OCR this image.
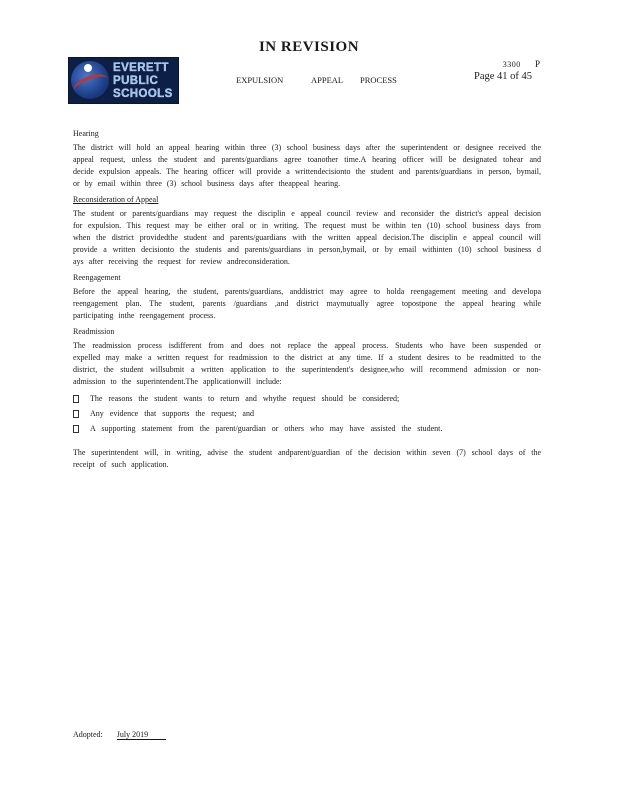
IN REVISION
EVERETT
PUBLIC
SCHOOLS
3300 P
Page 41 of 45
EXPULSION	APPEAL PROCESS
Hearing

The district will hold an appeal hearing within three (3) school business days after the superintendent or designee received the appeal request, unless the student and parents/guardians agree toanother time.A hearing officer will be designated tohear and decide expulsion appeals. The hearing officer will provide a writtendecisionto the student and parents/guardians in person, bymail, or by email within three (3) school business days after theappeal hearing.

Reconsideration of Appeal

The student or parents/guardians may request the disciplin e appeal council review and reconsider the district's appeal decision for expulsion. This request may be either oral or in writing. The request must be within ten (10) school business days from when the district providedthe student and parents/guardians with the written appeal decision.The disciplin e appeal council will provide a written decisionto the students and parents/guardians in person,bymail, or by email withinten (10) school business d ays after receiving the request for review andreconsideration.

Reengagement

Before the appeal hearing, the student, parents/guardians, anddistrict may agree to holda reengagement meeting and developa reengagement plan. The student, parents /guardians ,and district maymutually agree topostpone the appeal hearing while participating inthe reengagement process.

Readmission

The readmission process isdifferent from and does not replace the appeal process. Students who have been suspended or expelled may make a written request for readmission to the district at any time. If a student desires to be readmitted to the district, the student willsubmit a written application to the superintendent's designee,who will recommend admission or non- admission to the superintendent.The applicationwill include:

The reasons the student wants to return and whythe request should be considered;
Any evidence that supports the request; and
A supporting statement from the parent/guardian or others who may have assisted the student.

The superintendent will, in writing, advise the student andparent/guardian of the decision within seven (7) school days of the receipt of such application.

Adopted: July 2019
